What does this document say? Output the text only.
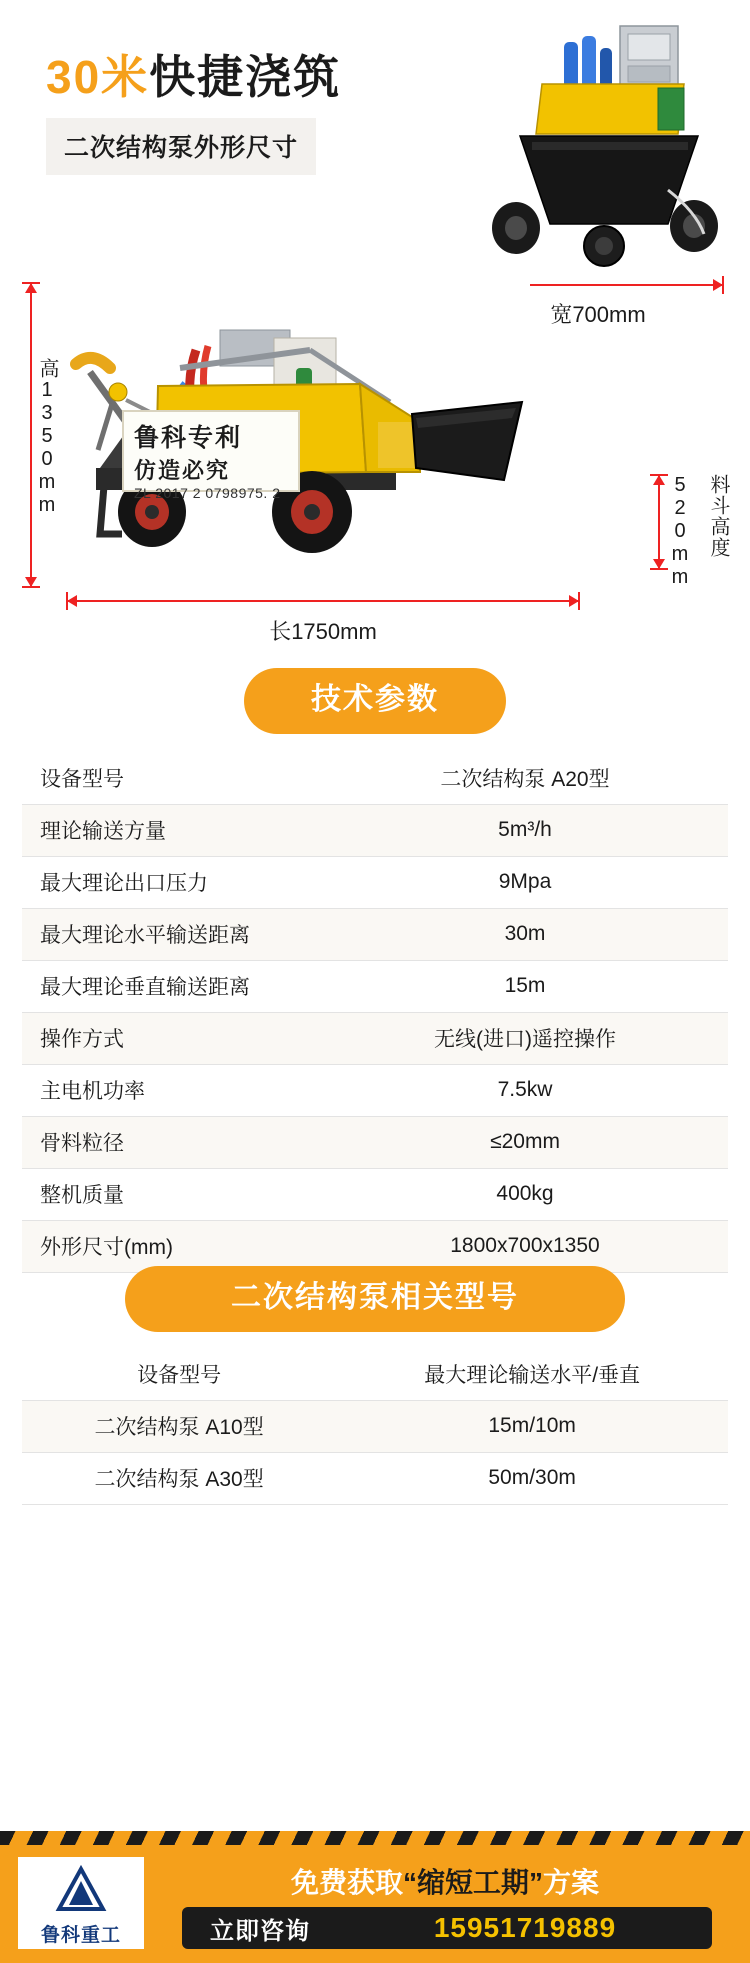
30米快捷浇筑
二次结构泵外形尺寸
宽700mm
高1350mm	鲁科专利
仿造必究
ZL 2017 2 0798975. 2	520mm 料斗高度
长1750mm
技术参数
设备型号	二次结构泵 A20型
理论输送方量	5m³/h
最大理论出口压力	9Mpa
最大理论水平输送距离	30m
最大理论垂直输送距离	15m
操作方式	无线(进口)遥控操作
主电机功率	7.5kw
骨料粒径	≤20mm
整机质量	400kg
外形尺寸(mm)	1800x700x1350
二次结构泵相关型号
设备型号	最大理论输送水平/垂直
二次结构泵 A10型	15m/10m
二次结构泵 A30型	50m/30m
鲁科重工
免费获取“缩短工期”方案
立即咨询	15951719889
